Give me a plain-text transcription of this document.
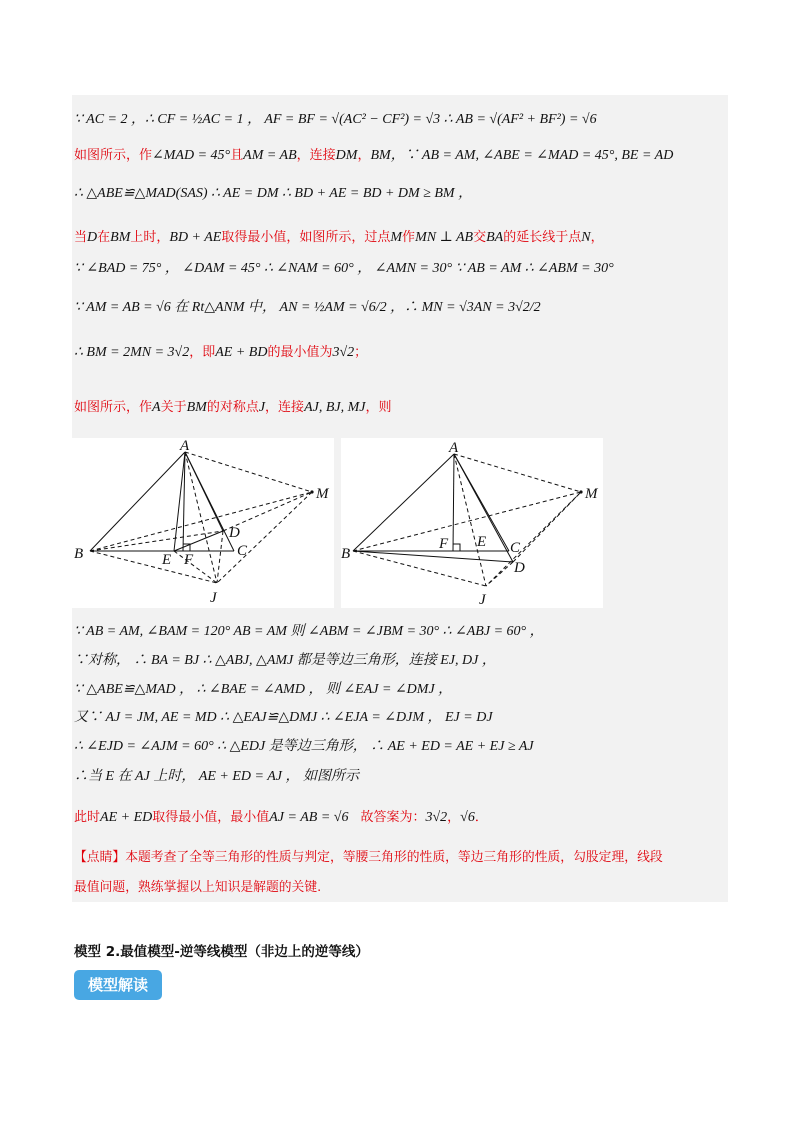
∵ AC = 2 ，∴ CF = ½AC = 1 ， AF = BF = √(AC² − CF²) = √3 ∴ AB = √(AF² + BF²) = √6
如图所示，作∠MAD = 45°且AM = AB，连接DM，BM，∵ AB = AM, ∠ABE = ∠MAD = 45°, BE = AD
∴ △ABE≌△MAD(SAS) ∴ AE = DM ∴ BD + AE = BD + DM ≥ BM ，
当D在BM上时，BD + AE取得最小值，如图所示，过点M作MN ⊥ AB交BA的延长线于点N，
∵ ∠BAD = 75° ， ∠DAM = 45° ∴ ∠NAM = 60° ， ∠AMN = 30° ∵ AB = AM ∴ ∠ABM = 30°
∵ AM = AB = √6 在 Rt△ANM 中， AN = ½AM = √6/2 ，∴ MN = √3AN = 3√2/2
∴ BM = 2MN = 3√2，即AE + BD的最小值为3√2；
如图所示，作A关于BM的对称点J，连接AJ, BJ, MJ，则
A
B	C
D
E F
J
M
A
B	C
D
E
F
J
M
∵ AB = AM, ∠BAM = 120° AB = AM 则 ∠ABM = ∠JBM = 30° ∴ ∠ABJ = 60° ，
∵对称， ∴ BA = BJ ∴ △ABJ, △AMJ 都是等边三角形，连接 EJ, DJ ，
∵ △ABE≌△MAD ， ∴ ∠BAE = ∠AMD ， 则 ∠EAJ = ∠DMJ ，
又∵ AJ = JM, AE = MD ∴ △EAJ≌△DMJ ∴ ∠EJA = ∠DJM ， EJ = DJ
∴ ∠EJD = ∠AJM = 60° ∴ △EDJ 是等边三角形， ∴ AE + ED = AE + EJ ≥ AJ
∴当 E 在 AJ 上时， AE + ED = AJ ， 如图所示
此时AE + ED取得最小值，最小值AJ = AB = √6 故答案为：3√2，√6．
【点睛】本题考查了全等三角形的性质与判定，等腰三角形的性质，等边三角形的性质，勾股定理，线段
最值问题，熟练掌握以上知识是解题的关键.
模型 2.最值模型-逆等线模型（非边上的逆等线）
模型解读
